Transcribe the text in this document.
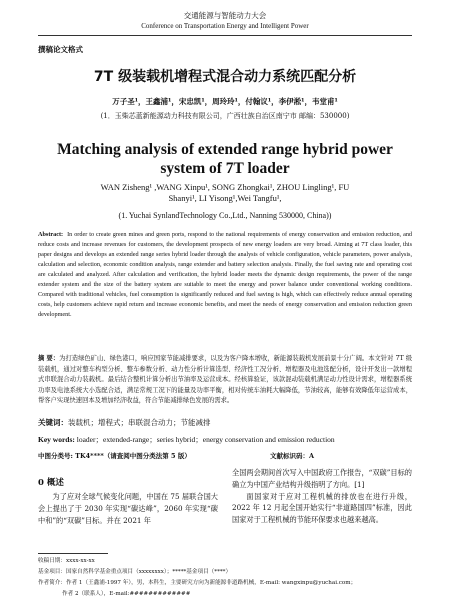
交通能源与智能动力大会
Conference on Transportation Energy and Intelligent Power
撰稿论文格式
7T 级装载机增程式混合动力系统匹配分析
万子圣¹，王鑫浦¹，宋忠凯¹，周玲玲¹，付翰议¹，李伊淞¹，韦堂甫¹
(1．玉柴芯蓝新能源动力科技有限公司，广西壮族自治区南宁市 邮编：530000)
Matching analysis of extended range hybrid power
system of 7T loader
WAN Zisheng¹ ,WANG Xinpu¹, SONG Zhongkai¹, ZHOU Lingling¹, FU Shanyi¹, LI Yisong¹,Wei Tangfu¹,
(1. Yuchai SynlandTechnology Co.,Ltd., Nanning 530000, China))
Abstract: In order to create green mines and green ports, respond to the national requirements of energy conservation and emission reduction, and reduce costs and increase revenues for customers, the development prospects of new energy loaders are very broad. Aiming at 7T class loader, this paper designs and develops an extended range series hybrid loader through the analysis of vehicle configuration, vehicle parameters, power analysis, calculation and selection, economic condition analysis, range extender and battery selection analysis. Finally, the fuel saving rate and operating cost are calculated and analyzed. After calculation and verification, the hybrid loader meets the dynamic design requirements, the power of the range extender system and the size of the battery system are suitable to meet the energy and power balance under conventional working conditions. Compared with traditional vehicles, fuel consumption is significantly reduced and fuel saving is high, which can effectively reduce annual operating costs, help customers achieve rapid return and increase economic benefits, and meet the needs of energy conservation and emission reduction green development.
摘 要：为打造绿色矿山、绿色港口，响应国家节能减排要求，以及为客户降本增收，新能源装载机发展前景十分广阔。本文针对 7T 级装载机，通过对整车构型分析、整车参数分析、动力性分析计算选型、经济性工况分析、增程器及电池选配分析，设计开发出一款增程式串联混合动力装载机。最后结合整机计算分析出节油率及运营成本。经核算验证，该款混动装载机满足动力性设计需求，增程器系统功率及电池系统大小选配合适，满足常规工况下的能量及功率平衡，相对传统车油耗大幅降低，节油较高，能够有效降低年运营成本，帮客户实现快速回本及增加经济收益，符合节能减排绿色发展的需求。
关键词：装载机；增程式；串联混合动力；节能减排
Key words: loader；extended-range；series hybrid；energy conservation and emission reduction
中图分类号: TK4****（请查阅中图分类法第 5 版）	文献标识码：A
0 概述
为了应对全球气候变化问题，中国在 75 届联合国大会上提出了于 2030 年实现“碳达峰”，2060 年实现“碳中和”的“双碳”目标。并在 2021 年

全国两会期间首次写入中国政府工作报告，“双碳”目标的确立为中国产业结构升级指明了方向。[1]

面国家对于应对工程机械的排放也在进行升级，2022 年 12 月起全国开始实行“非道路国四”标准，因此国家对于工程机械的节能环保要求也越来越高。

收稿日期：xxxx-xx-xx
基金项目：国家自然科学基金重点项目（xxxxxxxx）；*****基金项目（****）
作者简介：作者 1（王鑫浦-1997 年），男，本科生，主要研究方向为新能源非道路机械，E-mail: wangxinpu@yuchai.com；
作者 2（联系人），E-mail:#############
